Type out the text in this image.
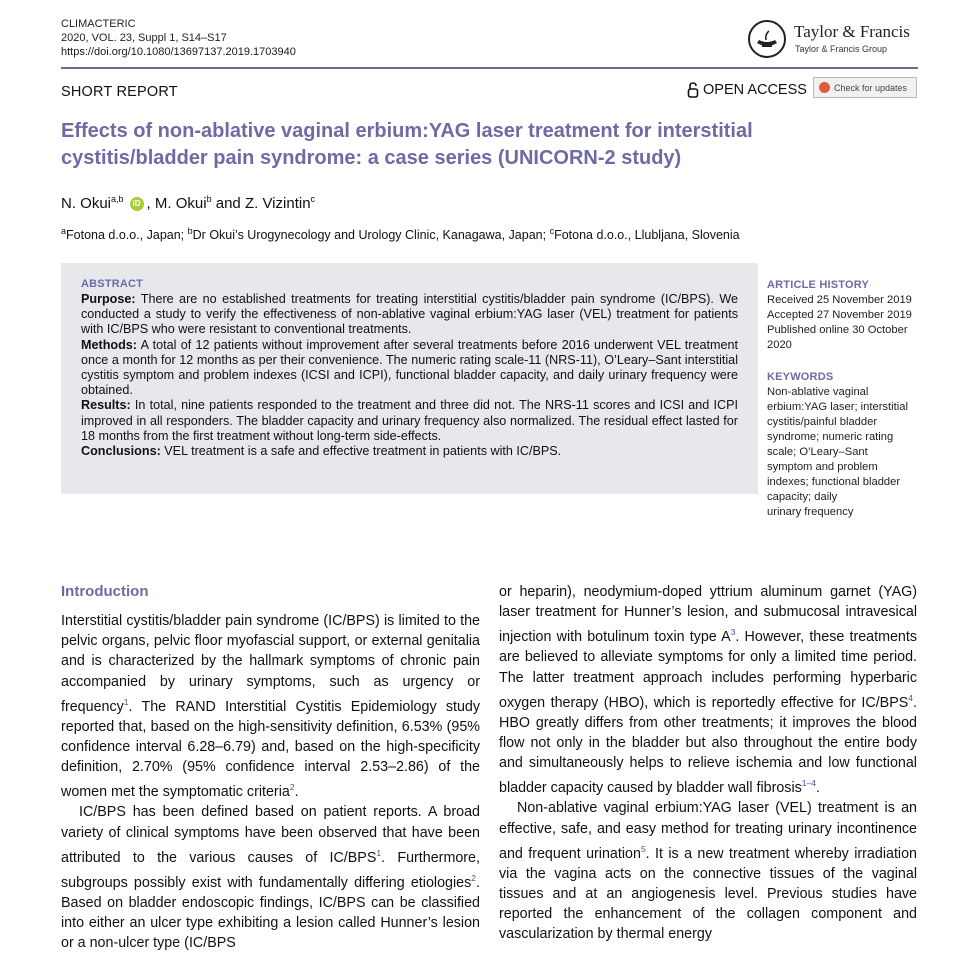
CLIMACTERIC
2020, VOL. 23, Suppl 1, S14–S17
https://doi.org/10.1080/13697137.2019.1703940
Taylor & Francis
Taylor & Francis Group
SHORT REPORT	OPEN ACCESS	Check for updates
Effects of non-ablative vaginal erbium:YAG laser treatment for interstitial cystitis/bladder pain syndrome: a case series (UNICORN-2 study)
N. Okui$^{a,b}$ iD , M. Okui$^b$ and Z. Vizintin$^c$
$^a$Fotona d.o.o., Japan; $^b$Dr Okui’s Urogynecology and Urology Clinic, Kanagawa, Japan; $^c$Fotona d.o.o., Llubljana, Slovenia
ABSTRACT
Purpose: There are no established treatments for treating interstitial cystitis/bladder pain syndrome (IC/BPS). We conducted a study to verify the effectiveness of non-ablative vaginal erbium:YAG laser (VEL) treatment for patients with IC/BPS who were resistant to conventional treatments.
Methods: A total of 12 patients without improvement after several treatments before 2016 underwent VEL treatment once a month for 12 months as per their convenience. The numeric rating scale-11 (NRS-11), O’Leary–Sant interstitial cystitis symptom and problem indexes (ICSI and ICPI), functional bladder capacity, and daily urinary frequency were obtained.
Results: In total, nine patients responded to the treatment and three did not. The NRS-11 scores and ICSI and ICPI improved in all responders. The bladder capacity and urinary frequency also normalized. The residual effect lasted for 18 months from the first treatment without long-term side-effects.
Conclusions: VEL treatment is a safe and effective treatment in patients with IC/BPS.
ARTICLE HISTORY
Received 25 November 2019
Accepted 27 November 2019
Published online 30 October
2020
KEYWORDS
Non-ablative vaginal
erbium:YAG laser; interstitial
cystitis/painful bladder
syndrome; numeric rating
scale; O’Leary–Sant
symptom and problem
indexes; functional bladder
capacity; daily
urinary frequency
Introduction

Interstitial cystitis/bladder pain syndrome (IC/BPS) is limited to the pelvic organs, pelvic floor myofascial support, or external genitalia and is characterized by the hallmark symptoms of chronic pain accompanied by urinary symptoms, such as urgency or frequency$^1$. The RAND Interstitial Cystitis Epidemiology study reported that, based on the high-sensitivity definition, 6.53% (95% confidence interval 6.28–6.79) and, based on the high-specificity definition, 2.70% (95% confidence interval 2.53–2.86) of the women met the symptomatic criteria$^2$.

IC/BPS has been defined based on patient reports. A broad variety of clinical symptoms have been observed that have been attributed to the various causes of IC/BPS$^1$. Furthermore, subgroups possibly exist with fundamentally differing etiologies$^2$. Based on bladder endoscopic findings, IC/BPS can be classified into either an ulcer type exhibiting a lesion called Hunner’s lesion or a non-ulcer type (IC/BPS

or heparin), neodymium-doped yttrium aluminum garnet (YAG) laser treatment for Hunner’s lesion, and submucosal intravesical injection with botulinum toxin type $A^3$. However, these treatments are believed to alleviate symptoms for only a limited time period. The latter treatment approach includes performing hyperbaric oxygen therapy (HBO), which is reportedly effective for IC/BPS$^4$. HBO greatly differs from other treatments; it improves the blood flow not only in the bladder but also throughout the entire body and simultaneously helps to relieve ischemia and low functional bladder capacity caused by bladder wall fibrosis$^{1-4}$.

Non-ablative vaginal erbium:YAG laser (VEL) treatment is an effective, safe, and easy method for treating urinary incontinence and frequent urination$^5$. It is a new treatment whereby irradiation via the vagina acts on the connective tissues of the vaginal tissues and at an angiogenesis level. Previous studies have reported the enhancement of the collagen component and vascularization by thermal energy
